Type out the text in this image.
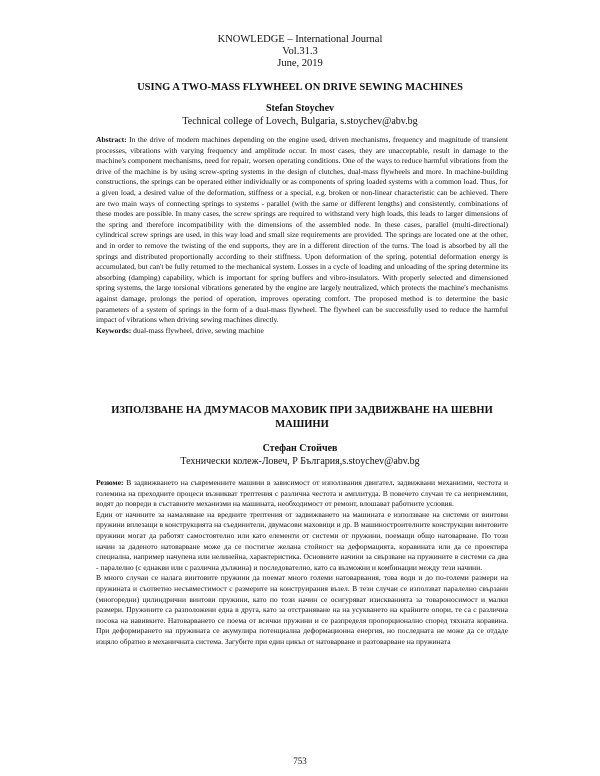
KNOWLEDGE – International Journal
Vol.31.3
June, 2019
USING A TWO-MASS FLYWHEEL ON DRIVE SEWING MACHINES
Stefan Stoychev
Technical college of Lovech, Bulgaria, s.stoychev@abv.bg

Abstract: In the drive of modern machines depending on the engine used, driven mechanisms, frequency and magnitude of transient processes, vibrations with varying frequency and amplitude occur. In most cases, they are unacceptable, result in damage to the machine's component mechanisms, need for repair, worsen operating conditions. One of the ways to reduce harmful vibrations from the drive of the machine is by using screw-spring systems in the design of clutches, dual-mass flywheels and more. In machine-building constructions, the springs can be operated either individually or as components of spring loaded systems with a common load. Thus, for a given load, a desired value of the deformation, stiffness or a special, e.g. broken or non-linear characteristic can be achieved. There are two main ways of connecting springs to systems - parallel (with the same or different lengths) and consistently, combinations of these modes are possible. In many cases, the screw springs are required to withstand very high loads, this leads to larger dimensions of the spring and therefore incompatibility with the dimensions of the assembled node. In these cases, parallel (multi-directional) cylindrical screw springs are used, in this way load and small size requirements are provided. The springs are located one at the other, and in order to remove the twisting of the end supports, they are in a different direction of the turns. The load is absorbed by all the springs and distributed proportionally according to their stiffness. Upon deformation of the spring, potential deformation energy is accumulated, but can't be fully returned to the mechanical system. Losses in a cycle of loading and unloading of the spring determine its absorbing (damping) capability, which is important for spring buffers and vibro-insulators. With properly selected and dimensioned spring systems, the large torsional vibrations generated by the engine are largely neutralized, which protects the machine's mechanisms against damage, prolongs the period of operation, improves operating comfort. The proposed method is to determine the basic parameters of a system of springs in the form of a dual-mass flywheel. The flywheel can be successfully used to reduce the harmful impact of vibrations when driving sewing machines directly.

Keywords: dual-mass flywheel, drive, sewing machine

ИЗПОЛЗВАНЕ НА ДМУМАСОВ МАХОВИК ПРИ ЗАДВИЖВАНЕ НА ШЕВНИ МАШИНИ
Стефан Стойчев
Технически колеж-Ловеч, Р България,s.stoychev@abv.bg

Резюме: В задвижването на съвременните машини в зависимост от използвания двигател, задвижвани механизми, честота и големина на преходните процеси възникват трептения с различна честота и амплитуда. В повечето случаи те са неприемливи, водят до повреди в съставните механизми на машината, необходимост от ремонт, влошават работните условия.

Един от начините за намаляване на вредните трептения от задвижването на машината е използване на системи от винтови пружини вплезащи в конструкцията на съединители, двумасови маховици и др. В машиностроителните конструкции винтовите пружини могат да работят самостоятелно или като елементи от системи от пружини, поемащи общо натоварване. По този начин за даденото натоварване може да се постигне желана стойност на деформацията, коравината или да се проектира специална, например начупена или нелинейна, характеристика. Основните начини за свързване на пружините в системи са два - паралелно (с еднакви или с различна дължина) и последователно, като са възможни и комбинации между тези начини.

В много случаи се налага винтовите пружини да поемат много големи натоварвания, това води и до по-големи размери на пружината и съответно несъвместимост с размерите на конструирания възел. В тези случаи се използват паралелно свързани (многоредни) цилиндрични винтови пружини, като по този начин се осигуряват изискванията за товароносимост и малки размери. Пружините са разположени една в друга, като за отстраняване на на усукването на крайните опори, те са с различна посока на навивките. Натоварването се поема от всички пружини и се разпределя пропорционално според тяхната коравина. При деформирането на пружината се акумулира потенциална деформационна енергия, но последната не може да се отдаде изцяло обратно в механичната система. Загубите при един цикъл от натоварване и разтоварване на пружината

753
